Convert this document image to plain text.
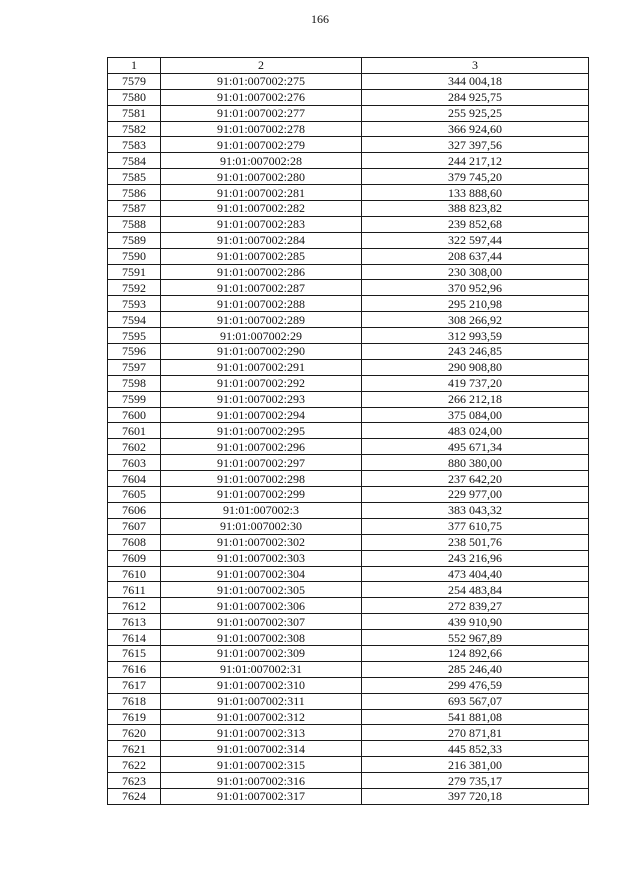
166
1	2	3
7579	91:01:007002:275	344 004,18
7580	91:01:007002:276	284 925,75
7581	91:01:007002:277	255 925,25
7582	91:01:007002:278	366 924,60
7583	91:01:007002:279	327 397,56
7584	91:01:007002:28	244 217,12
7585	91:01:007002:280	379 745,20
7586	91:01:007002:281	133 888,60
7587	91:01:007002:282	388 823,82
7588	91:01:007002:283	239 852,68
7589	91:01:007002:284	322 597,44
7590	91:01:007002:285	208 637,44
7591	91:01:007002:286	230 308,00
7592	91:01:007002:287	370 952,96
7593	91:01:007002:288	295 210,98
7594	91:01:007002:289	308 266,92
7595	91:01:007002:29	312 993,59
7596	91:01:007002:290	243 246,85
7597	91:01:007002:291	290 908,80
7598	91:01:007002:292	419 737,20
7599	91:01:007002:293	266 212,18
7600	91:01:007002:294	375 084,00
7601	91:01:007002:295	483 024,00
7602	91:01:007002:296	495 671,34
7603	91:01:007002:297	880 380,00
7604	91:01:007002:298	237 642,20
7605	91:01:007002:299	229 977,00
7606	91:01:007002:3	383 043,32
7607	91:01:007002:30	377 610,75
7608	91:01:007002:302	238 501,76
7609	91:01:007002:303	243 216,96
7610	91:01:007002:304	473 404,40
7611	91:01:007002:305	254 483,84
7612	91:01:007002:306	272 839,27
7613	91:01:007002:307	439 910,90
7614	91:01:007002:308	552 967,89
7615	91:01:007002:309	124 892,66
7616	91:01:007002:31	285 246,40
7617	91:01:007002:310	299 476,59
7618	91:01:007002:311	693 567,07
7619	91:01:007002:312	541 881,08
7620	91:01:007002:313	270 871,81
7621	91:01:007002:314	445 852,33
7622	91:01:007002:315	216 381,00
7623	91:01:007002:316	279 735,17
7624	91:01:007002:317	397 720,18
